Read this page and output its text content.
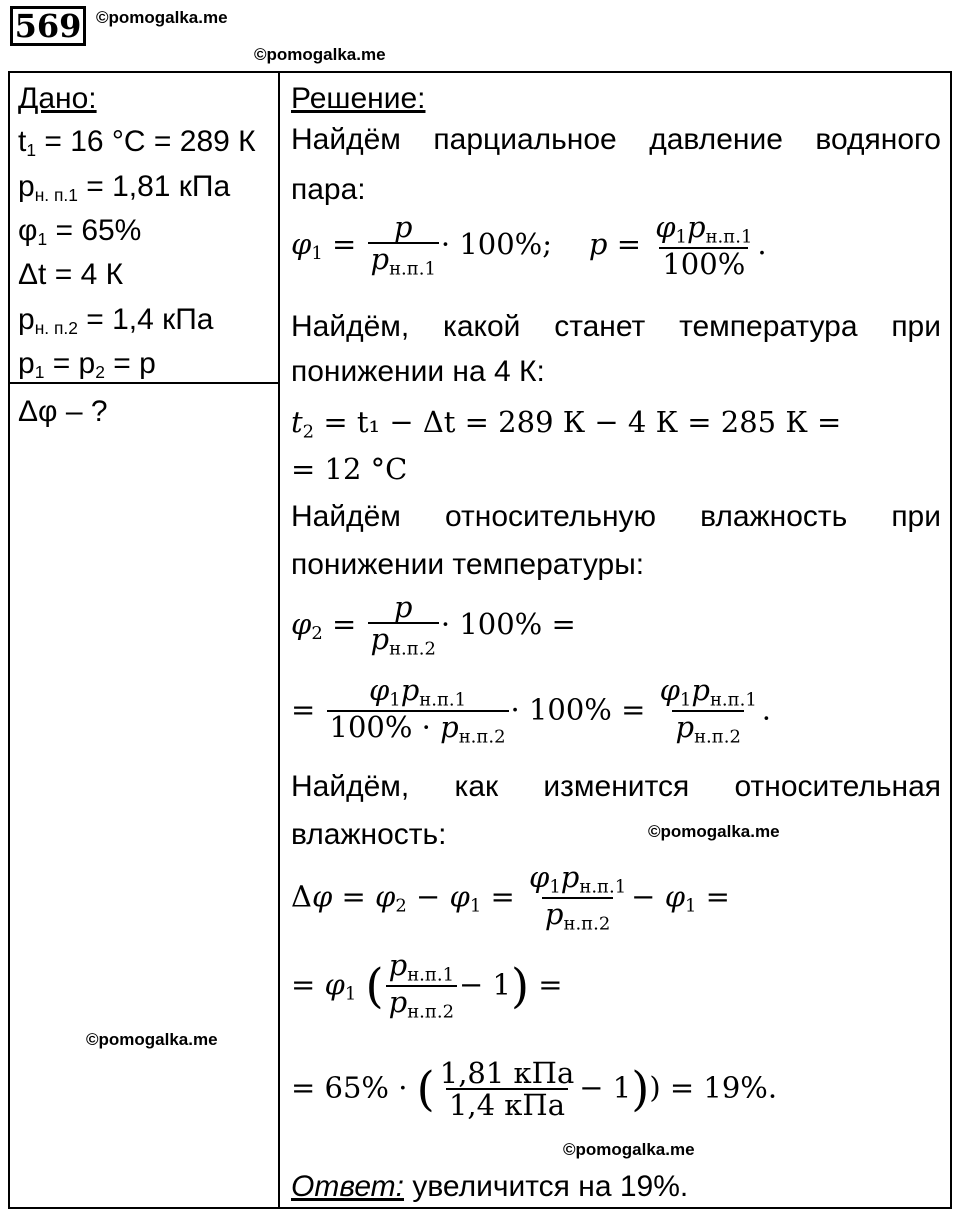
569 ©pomogalka.me
©pomogalka.me
Дано:
$t_1 = 16$ °C = 289 К
$p_{н. п.1} = 1,81$ кПа
$\varphi_1 = 65\%$
Δt = 4 К
$p_{н. п.2} = 1,4$ кПа
$p_1 = p_2 = p$
Δφ – ?
©pomogalka.me
Решение:
Найдём парциальное давление водяного
пара:
$\varphi 1 = \frac{p}{pн.п.1} \cdot 100\%$;    $p = \frac{\varphi 1pн.п.1}{100\%}$ .
Найдём, какой станет температура при
понижении на 4 К:
t2 = t₁ − Δt = 289 К − 4 К = 285 К =
= 12 °C
Найдём относительную влажность при
понижении температуры:
$\varphi 2 = \frac{p}{pн.п.2} \cdot 100\%$ =
= $\frac{\varphi 1pн.п.1}{100\% \cdot pн.п.2} \cdot 100\% = \frac{\varphi 1pн.п.1}{pн.п.2}$ .
Найдём, как изменится относительная
влажность:	©pomogalka.me
$\Delta\varphi = \varphi 2 - \varphi 1 = \frac{\varphi 1pн.п.1}{pн.п.2} - \varphi 1$ =
= φ1 ( $\frac{pн.п.1}{pн.п.2} - 1$) =
= 65% · ( $\frac{\text{1,81 кПа}}{\text{1,4 кПа}} - 1)) = 19\%$.
©pomogalka.me
Ответ: увеличится на 19%.
